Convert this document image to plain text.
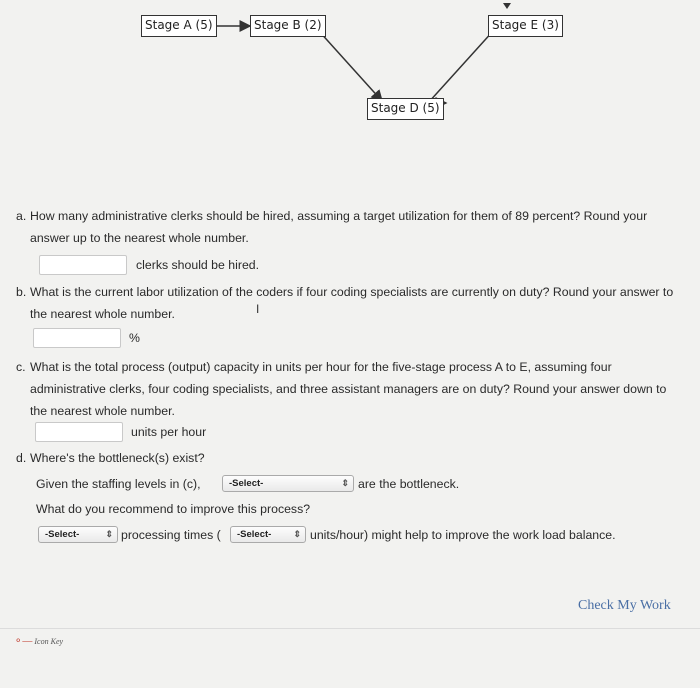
Stage A (5)	Stage B (2)	Stage E (3)
Stage D (5)
a. How many administrative clerks should be hired, assuming a target utilization for them of 89 percent? Round your answer up to the nearest whole number.
clerks should be hired.
b. What is the current labor utilization of the coders if four coding specialists are currently on duty? Round your answer to the nearest whole number.	I
%
c. What is the total process (output) capacity in units per hour for the five-stage process A to E, assuming four administrative clerks, four coding specialists, and three assistant managers are on duty? Round your answer down to the nearest whole number.
units per hour
d. Where's the bottleneck(s) exist?
Given the staffing levels in (c),	-Select-	⇕ are the bottleneck.
What do you recommend to improve this process?
-Select-	⇕ processing times (	-Select- ⇕ units/hour) might help to improve the work load balance.
Check My Work
⚬— Icon Key
